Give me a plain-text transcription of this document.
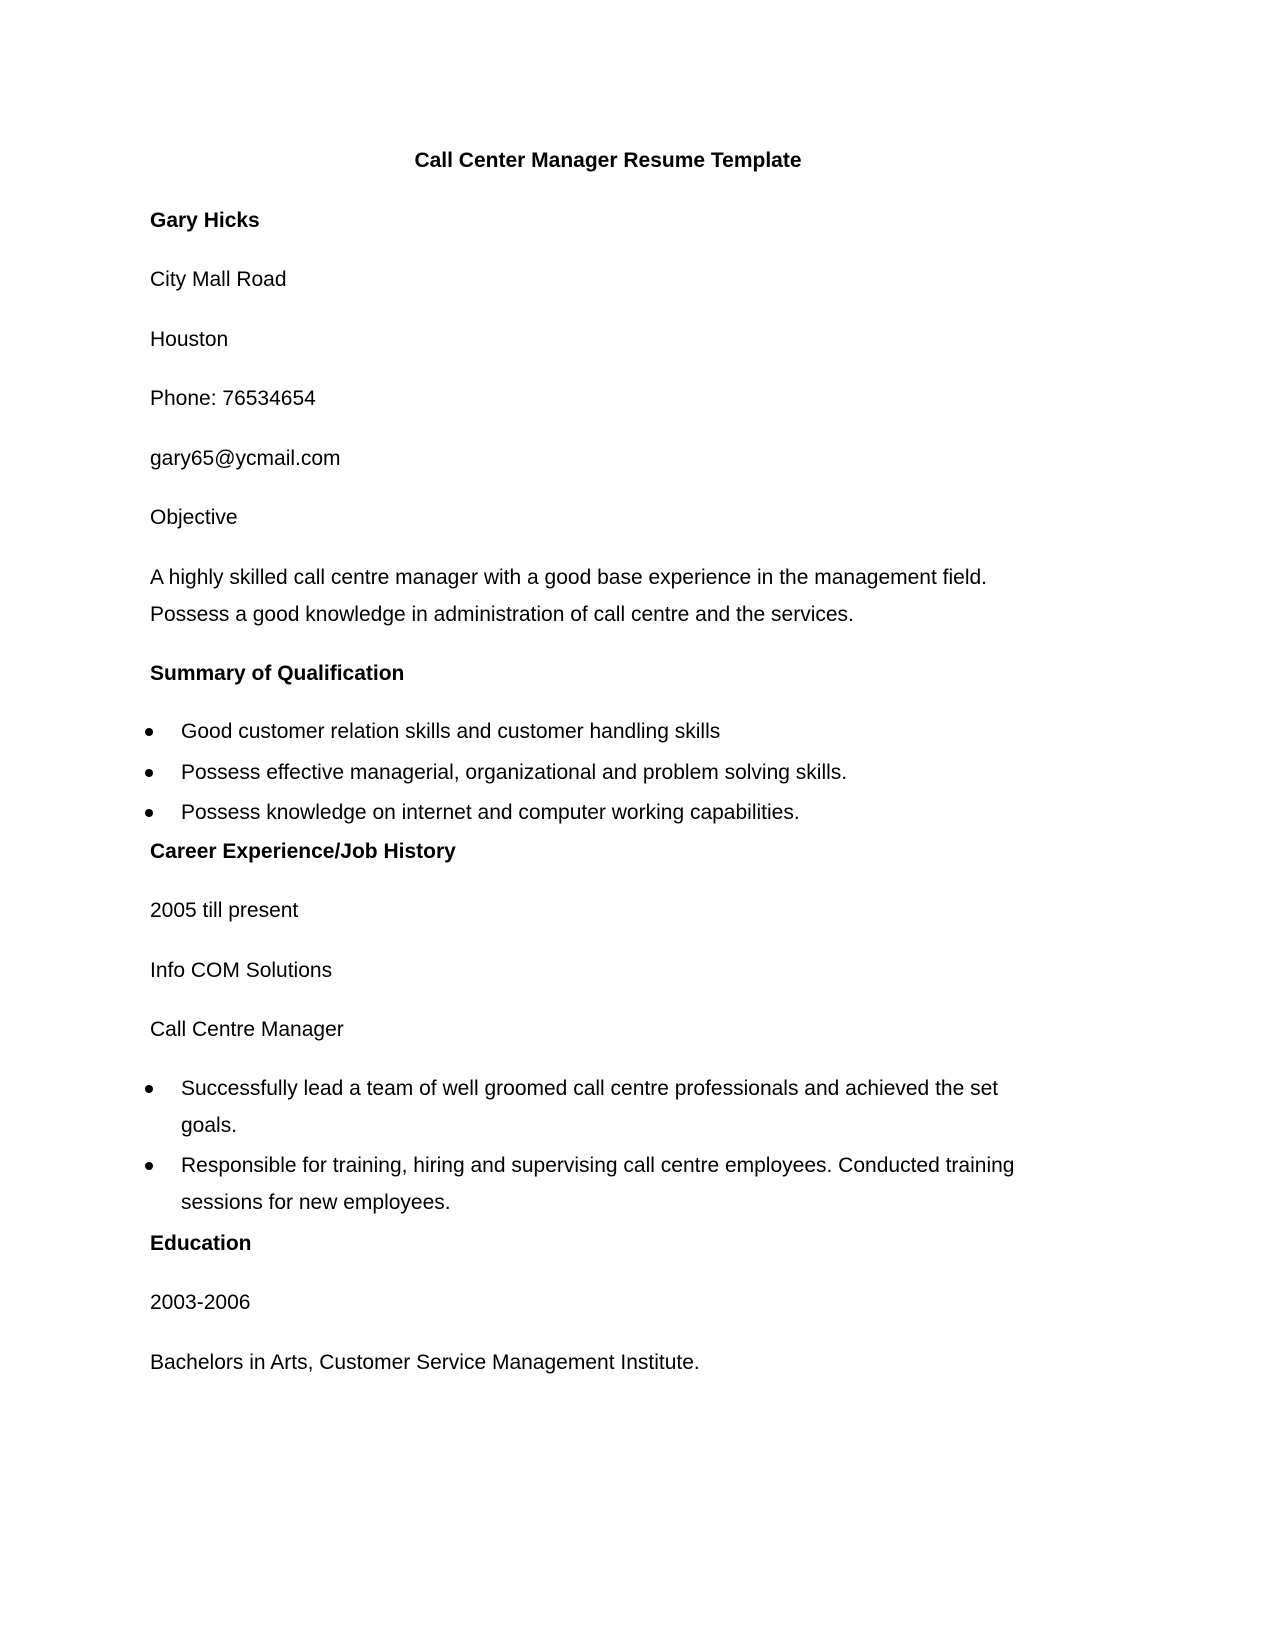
Call Center Manager Resume Template

Gary Hicks

City Mall Road

Houston

Phone: 76534654

gary65@ycmail.com

Objective

A highly skilled call centre manager with a good base experience in the management field.

Possess a good knowledge in administration of call centre and the services.

Summary of Qualification

Good customer relation skills and customer handling skills
Possess effective managerial, organizational and problem solving skills.
Possess knowledge on internet and computer working capabilities.

Career Experience/Job History

2005 till present

Info COM Solutions

Call Centre Manager

Successfully lead a team of well groomed call centre professionals and achieved the set
goals.
Responsible for training, hiring and supervising call centre employees. Conducted training
sessions for new employees.

Education

2003-2006

Bachelors in Arts, Customer Service Management Institute.
